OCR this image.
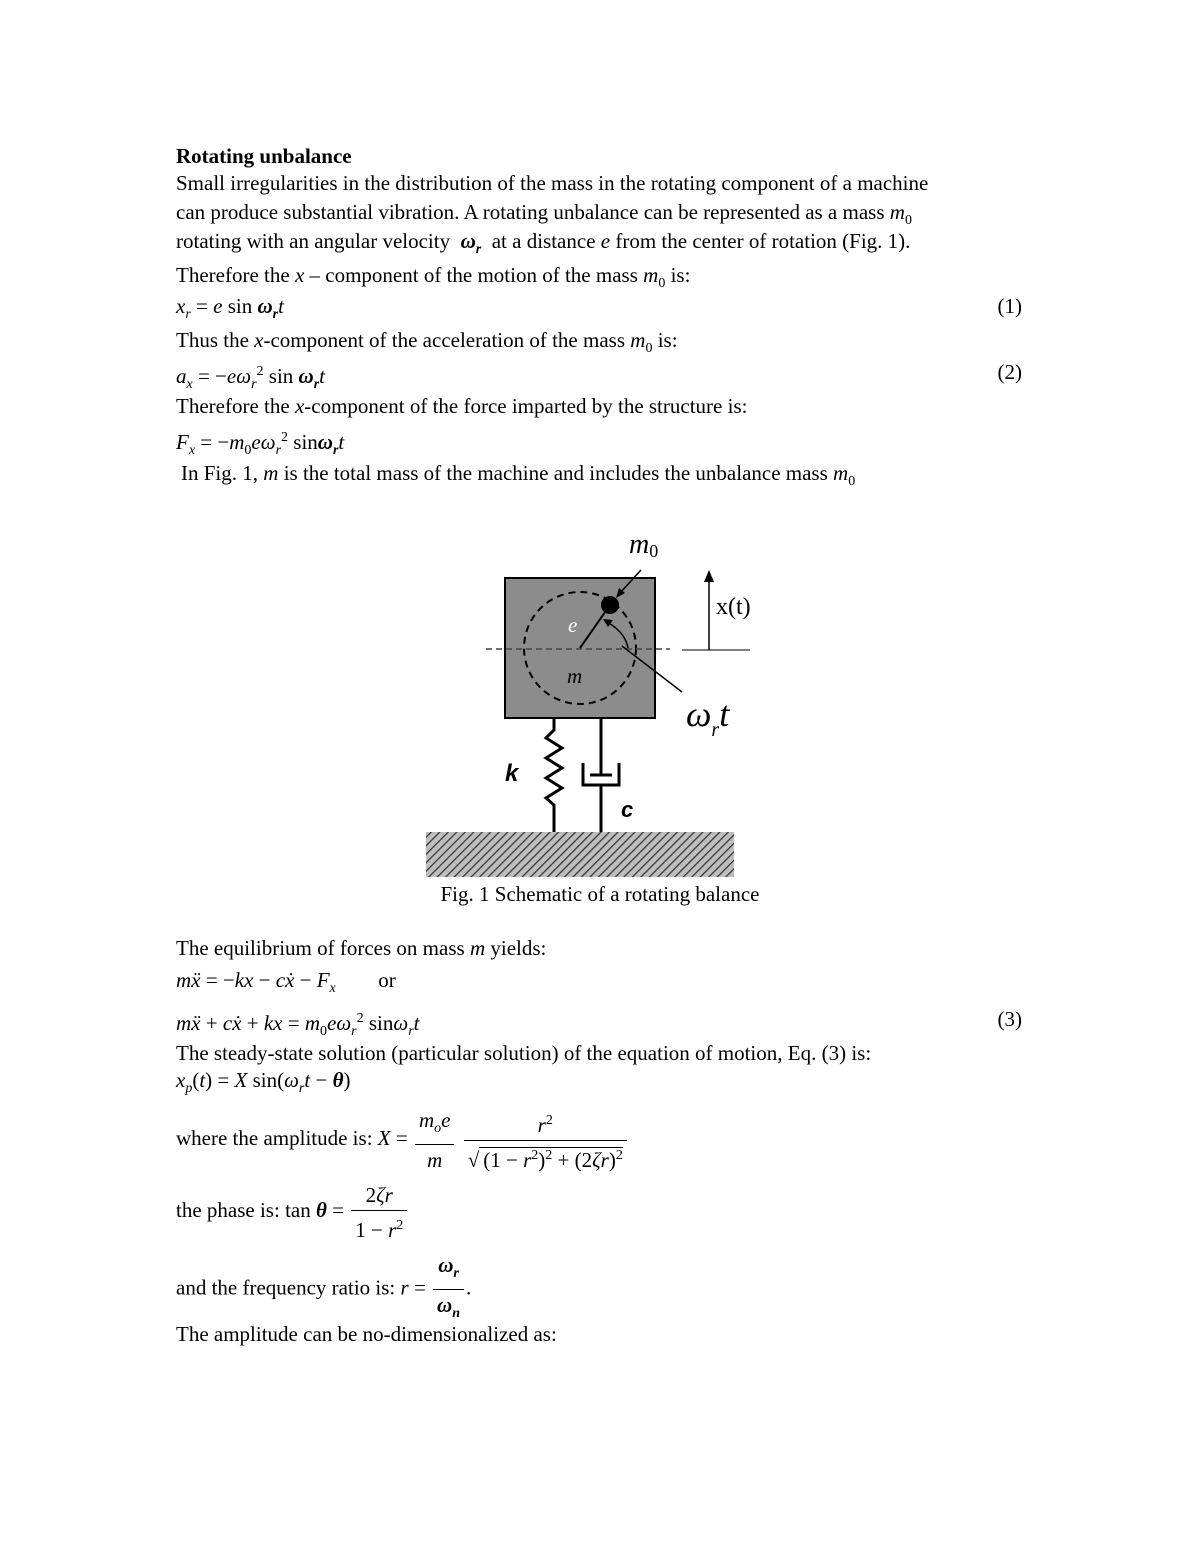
Rotating unbalance
Small irregularities in the distribution of the mass in the rotating component of a machine
can produce substantial vibration. A rotating unbalance can be represented as a mass $m_0$
rotating with an angular velocity  $\omega_r$ at a distance e from the center of rotation (Fig. 1).
Therefore the x – component of the motion of the mass $m_0$ is:
$x_r = e$ $\sin \omega_rt$	(1)
Thus the x-component of the acceleration of the mass $m_0$ is:
$a_x = -e\omega_r^2$ $\sin \omega_rt$	(2)
Therefore the x-component of the force imparted by the structure is:
$F_x = -m_0e\omega_r^2$ sinω$_r$t
In Fig. 1, m is the total mass of the machine and includes the unbalance mass $m_0$
m0
e
m
x(t)
$\omega_rt$
k
c
Fig. 1 Schematic of a rotating balance
The equilibrium of forces on mass m yields:
mẍ = −kx − cẋ − $F_x$ or
mẍ + cẋ + kx = $m_0e\omega_r^2$ sinω$_r$t	(3)
The steady-state solution (particular solution) of the equation of motion, Eq. (3) is:
$x_p(t) = X$ $\sin(\omega_rt - \theta)$
where the amplitude is: $X = \frac{m_oe}{m}$
$\frac{r^2}{√ (1 - r^2)^2 + (2\zeta r)^2}$
the phase is: $\tan \theta = \frac{2\zeta r}{1 - r^2}$
and the frequency ratio is: $r = \frac{\omega_r}{\omega_n}$ .
The amplitude can be no-dimensionalized as:
